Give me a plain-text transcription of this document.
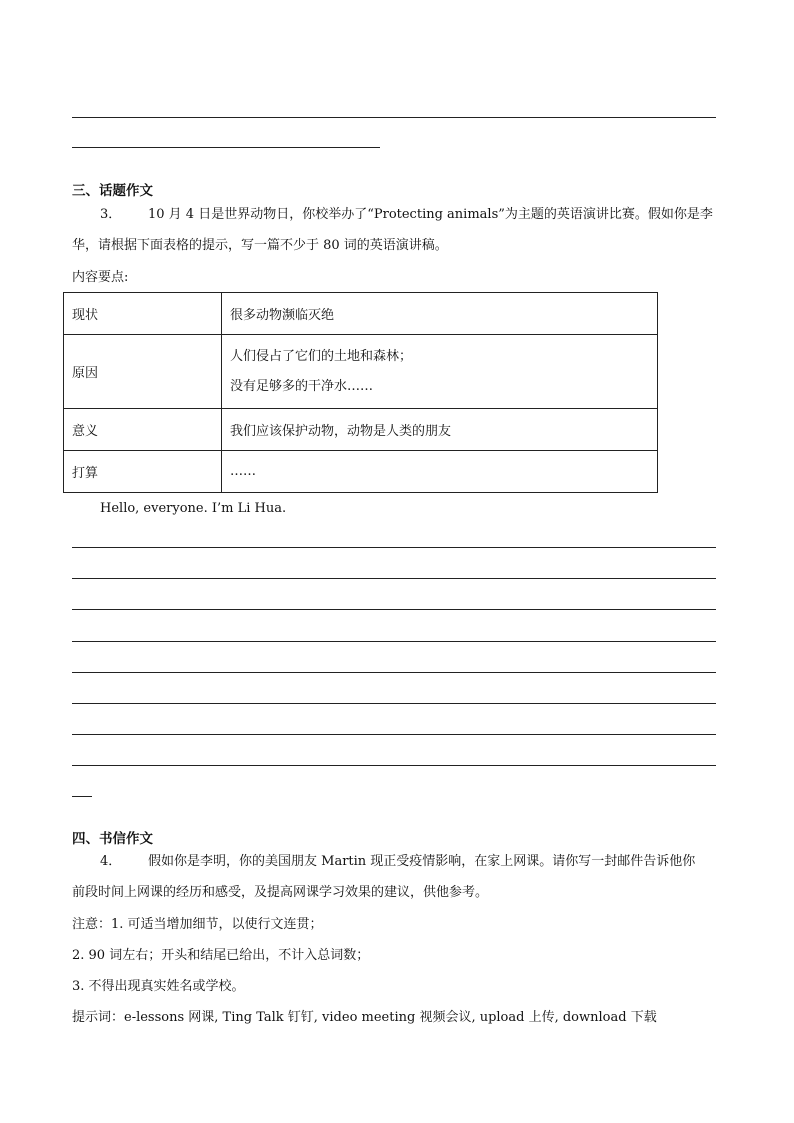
三、话题作文
3． 10 月 4 日是世界动物日，你校举办了“Protecting animals”为主题的英语演讲比赛。假如你是李
华，请根据下面表格的提示，写一篇不少于 80 词的英语演讲稿。
内容要点:
现状	很多动物濒临灭绝
原因	人们侵占了它们的土地和森林；
没有足够多的干净水……

意义	我们应该保护动物，动物是人类的朋友
打算	……
Hello, everyone. I’m Li Hua.
四、书信作文
4． 假如你是李明，你的美国朋友 Martin 现正受疫情影响，在家上网课。请你写一封邮件告诉他你
前段时间上网课的经历和感受，及提高网课学习效果的建议，供他参考。
注意：1. 可适当增加细节，以使行文连贯；
2. 90 词左右；开头和结尾已给出，不计入总词数；
3. 不得出现真实姓名或学校。
提示词：e-lessons 网课, Ting Talk 钉钉, video meeting 视频会议, upload 上传, download 下载
